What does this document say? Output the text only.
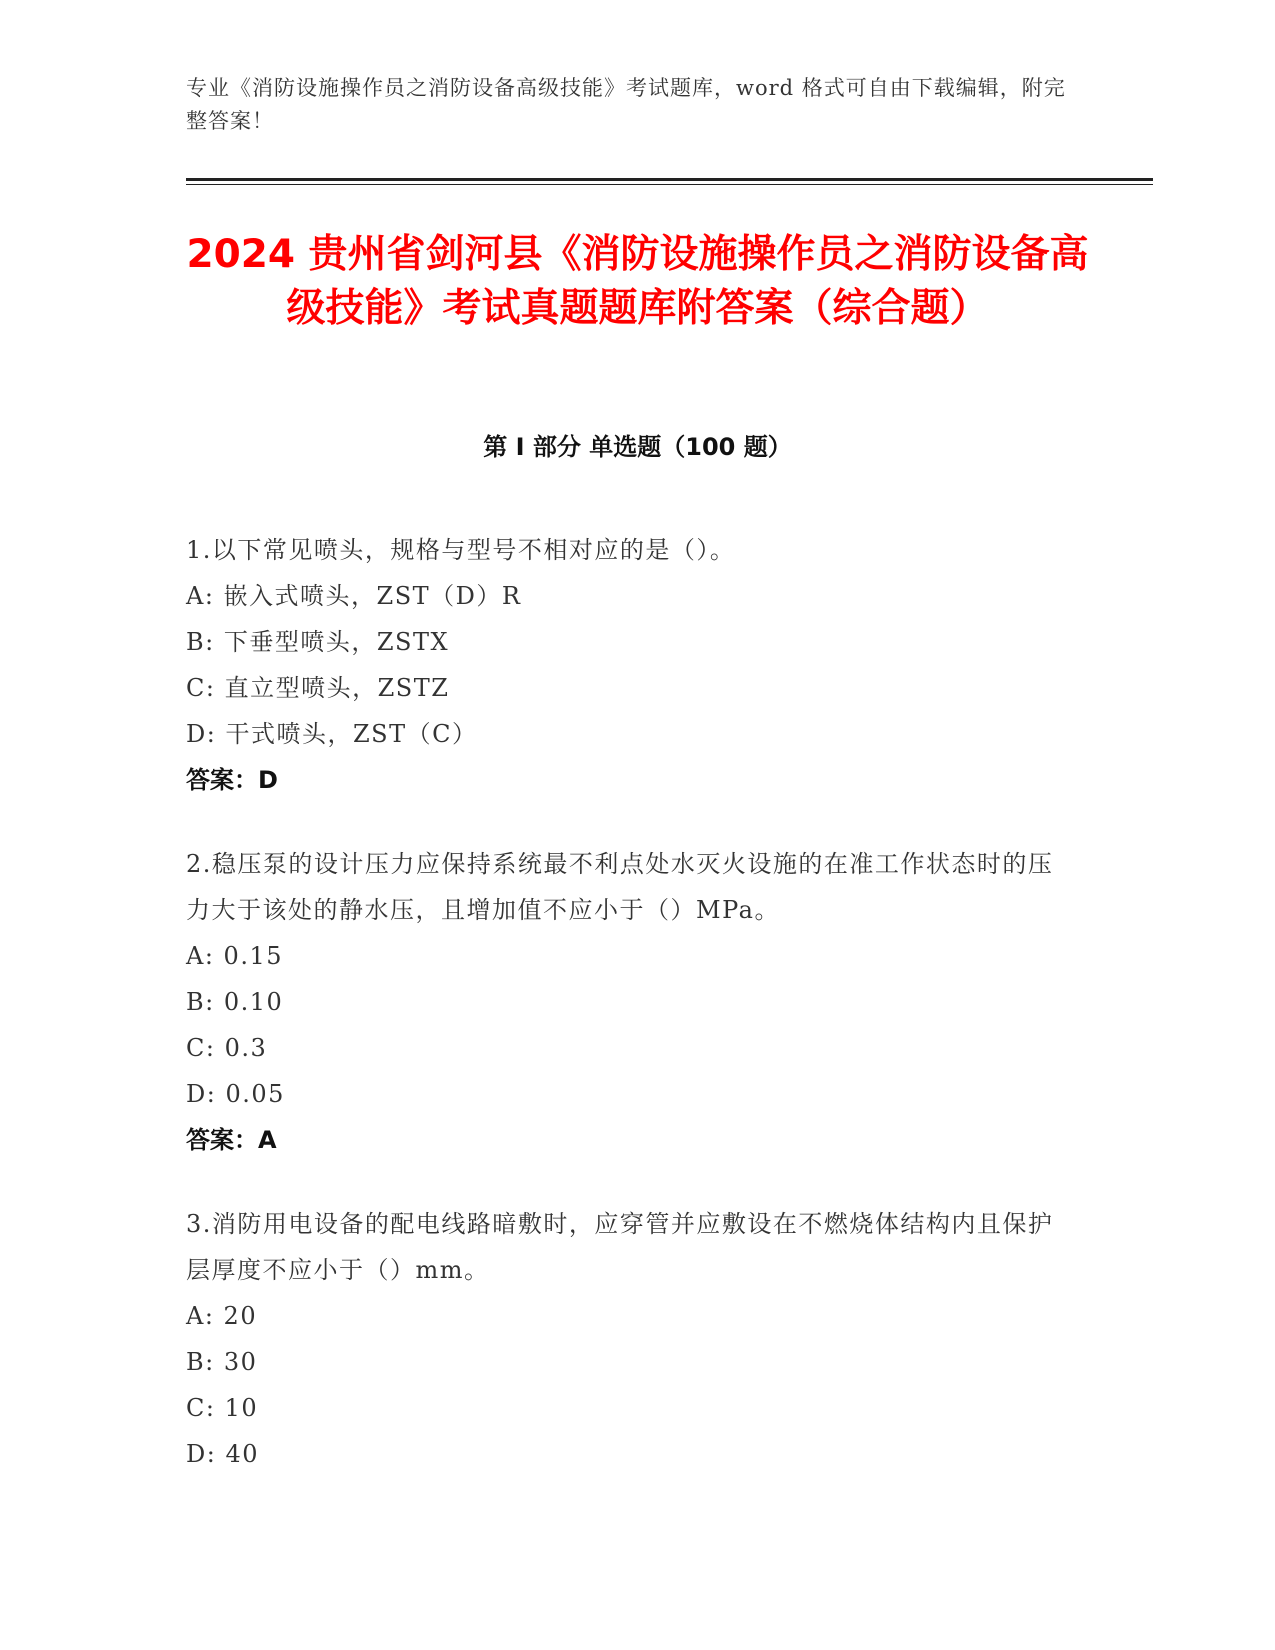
专业《消防设施操作员之消防设备高级技能》考试题库，word 格式可自由下载编辑，附完整答案！
2024 贵州省剑河县《消防设施操作员之消防设备高级技能》考试真题题库附答案（综合题）
第 I 部分 单选题（100 题）
1.以下常见喷头，规格与型号不相对应的是（）。
A: 嵌入式喷头，ZST（D）R
B: 下垂型喷头，ZSTX
C: 直立型喷头，ZSTZ
D: 干式喷头，ZST（C）
答案：D
2.稳压泵的设计压力应保持系统最不利点处水灭火设施的在准工作状态时的压力大于该处的静水压，且增加值不应小于（）MPa。
A: 0.15
B: 0.10
C: 0.3
D: 0.05
答案：A
3.消防用电设备的配电线路暗敷时，应穿管并应敷设在不燃烧体结构内且保护层厚度不应小于（）mm。
A: 20
B: 30
C: 10
D: 40
